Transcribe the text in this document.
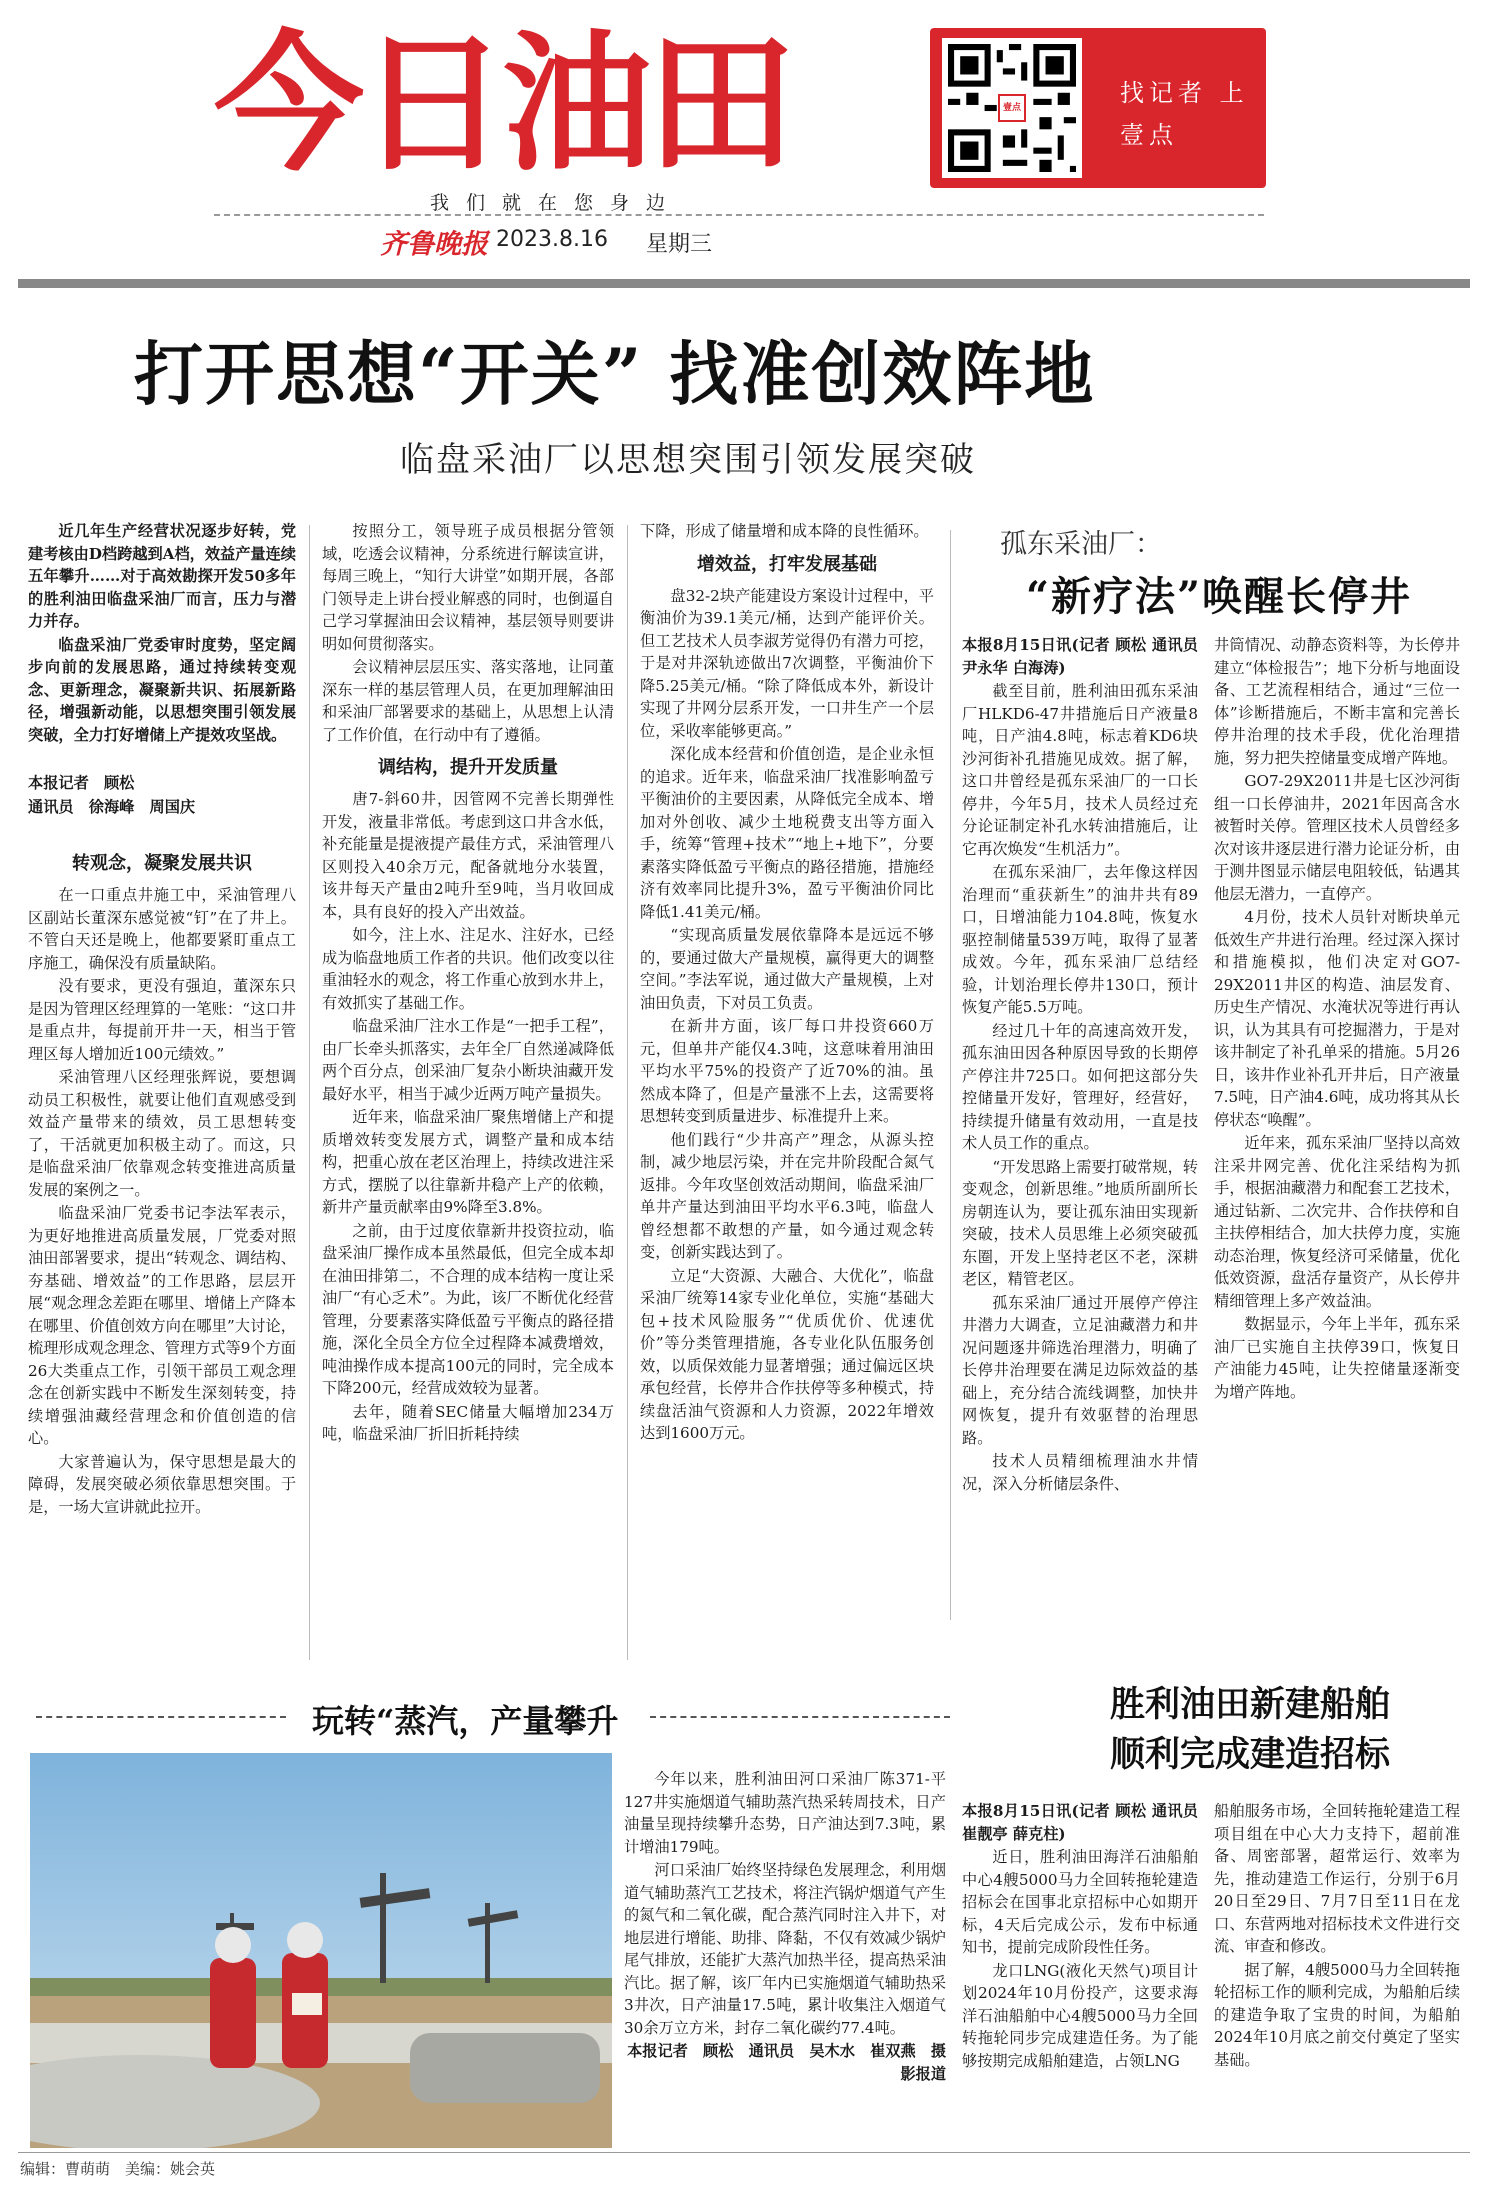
今日油田	壹点
找记者 上壹点
我们就在您身边
齐鲁晚报 2023.8.16 星期三
打开思想“开关” 找准创效阵地
临盘采油厂以思想突围引领发展突破

近几年生产经营状况逐步好转，党建考核由D档跨越到A档，效益产量连续五年攀升……对于高效勘探开发50多年的胜利油田临盘采油厂而言，压力与潜力并存。

临盘采油厂党委审时度势，坚定阔步向前的发展思路，通过持续转变观念、更新理念，凝聚新共识、拓展新路径，增强新动能，以思想突围引领发展突破，全力打好增储上产提效攻坚战。

本报记者　顾松

通讯员　徐海峰　周国庆

转观念，凝聚发展共识

在一口重点井施工中，采油管理八区副站长董深东感觉被“钉”在了井上。不管白天还是晚上，他都要紧盯重点工序施工，确保没有质量缺陷。

没有要求，更没有强迫，董深东只是因为管理区经理算的一笔账：“这口井是重点井，每提前开井一天，相当于管理区每人增加近100元绩效。”

采油管理八区经理张辉说，要想调动员工积极性，就要让他们直观感受到效益产量带来的绩效，员工思想转变了，干活就更加积极主动了。而这，只是临盘采油厂依靠观念转变推进高质量发展的案例之一。

临盘采油厂党委书记李法军表示，为更好地推进高质量发展，厂党委对照油田部署要求，提出“转观念、调结构、夯基础、增效益”的工作思路，层层开展“观念理念差距在哪里、增储上产降本在哪里、价值创效方向在哪里”大讨论，梳理形成观念理念、管理方式等9个方面26大类重点工作，引领干部员工观念理念在创新实践中不断发生深刻转变，持续增强油藏经营理念和价值创造的信心。

大家普遍认为，保守思想是最大的障碍，发展突破必须依靠思想突围。于是，一场大宣讲就此拉开。

按照分工，领导班子成员根据分管领域，吃透会议精神，分系统进行解读宣讲，每周三晚上，“知行大讲堂”如期开展，各部门领导走上讲台授业解惑的同时，也倒逼自己学习掌握油田会议精神，基层领导则要讲明如何贯彻落实。

会议精神层层压实、落实落地，让同董深东一样的基层管理人员，在更加理解油田和采油厂部署要求的基础上，从思想上认清了工作价值，在行动中有了遵循。

调结构，提升开发质量

唐7-斜60井，因管网不完善长期弹性开发，液量非常低。考虑到这口井含水低，补充能量是提液提产最佳方式，采油管理八区则投入40余万元，配备就地分水装置，该井每天产量由2吨升至9吨，当月收回成本，具有良好的投入产出效益。

如今，注上水、注足水、注好水，已经成为临盘地质工作者的共识。他们改变以往重油轻水的观念，将工作重心放到水井上，有效抓实了基础工作。

临盘采油厂注水工作是“一把手工程”，由厂长牵头抓落实，去年全厂自然递减降低两个百分点，创采油厂复杂小断块油藏开发最好水平，相当于减少近两万吨产量损失。

近年来，临盘采油厂聚焦增储上产和提质增效转变发展方式，调整产量和成本结构，把重心放在老区治理上，持续改进注采方式，摆脱了以往靠新井稳产上产的依赖，新井产量贡献率由9%降至3.8%。

之前，由于过度依靠新井投资拉动，临盘采油厂操作成本虽然最低，但完全成本却在油田排第二，不合理的成本结构一度让采油厂“有心乏术”。为此，该厂不断优化经营管理，分要素落实降低盈亏平衡点的路径措施，深化全员全方位全过程降本减费增效，吨油操作成本提高100元的同时，完全成本下降200元，经营成效较为显著。

去年，随着SEC储量大幅增加234万吨，临盘采油厂折旧折耗持续

下降，形成了储量增和成本降的良性循环。

增效益，打牢发展基础

盘32-2块产能建设方案设计过程中，平衡油价为39.1美元/桶，达到产能评价关。但工艺技术人员李淑芳觉得仍有潜力可挖，于是对井深轨迹做出7次调整，平衡油价下降5.25美元/桶。“除了降低成本外，新设计实现了井网分层系开发，一口井生产一个层位，采收率能够更高。”

深化成本经营和价值创造，是企业永恒的追求。近年来，临盘采油厂找准影响盈亏平衡油价的主要因素，从降低完全成本、增加对外创收、减少土地税费支出等方面入手，统筹“管理+技术”“地上+地下”，分要素落实降低盈亏平衡点的路径措施，措施经济有效率同比提升3%，盈亏平衡油价同比降低1.41美元/桶。

“实现高质量发展依靠降本是远远不够的，要通过做大产量规模，赢得更大的调整空间。”李法军说，通过做大产量规模，上对油田负责，下对员工负责。

在新井方面，该厂每口井投资660万元，但单井产能仅4.3吨，这意味着用油田平均水平75%的投资产了近70%的油。虽然成本降了，但是产量涨不上去，这需要将思想转变到质量进步、标准提升上来。

他们践行“少井高产”理念，从源头控制，减少地层污染，并在完井阶段配合氮气返排。今年攻坚创效活动期间，临盘采油厂单井产量达到油田平均水平6.3吨，临盘人曾经想都不敢想的产量，如今通过观念转变，创新实践达到了。

立足“大资源、大融合、大优化”，临盘采油厂统筹14家专业化单位，实施“基础大包+技术风险服务”“优质优价、优速优价”等分类管理措施，各专业化队伍服务创效，以质保效能力显著增强；通过偏远区块承包经营，长停井合作扶停等多种模式，持续盘活油气资源和人力资源，2022年增效达到1600万元。

孤东采油厂：
“新疗法”唤醒长停井

本报8月15日讯(记者 顾松 通讯员 尹永华 白海涛)

截至目前，胜利油田孤东采油厂HLKD6-47井措施后日产液量8吨，日产油4.8吨，标志着KD6块沙河街补孔措施见成效。据了解，这口井曾经是孤东采油厂的一口长停井，今年5月，技术人员经过充分论证制定补孔水转油措施后，让它再次焕发“生机活力”。

在孤东采油厂，去年像这样因治理而“重获新生”的油井共有89口，日增油能力104.8吨，恢复水驱控制储量539万吨，取得了显著成效。今年，孤东采油厂总结经验，计划治理长停井130口，预计恢复产能5.5万吨。

经过几十年的高速高效开发，孤东油田因各种原因导致的长期停产停注井725口。如何把这部分失控储量开发好，管理好，经营好，持续提升储量有效动用，一直是技术人员工作的重点。

“开发思路上需要打破常规，转变观念，创新思维。”地质所副所长房朝连认为，要让孤东油田实现新突破，技术人员思维上必须突破孤东圈，开发上坚持老区不老，深耕老区，精管老区。

孤东采油厂通过开展停产停注井潜力大调查，立足油藏潜力和井况问题逐井筛选治理潜力，明确了长停井治理要在满足边际效益的基础上，充分结合流线调整，加快井网恢复，提升有效驱替的治理思路。

技术人员精细梳理油水井情况，深入分析储层条件、

井筒情况、动静态资料等，为长停井建立“体检报告”；地下分析与地面设备、工艺流程相结合，通过“三位一体”诊断措施后，不断丰富和完善长停井治理的技术手段，优化治理措施，努力把失控储量变成增产阵地。

GO7-29X2011井是七区沙河街组一口长停油井，2021年因高含水被暂时关停。管理区技术人员曾经多次对该井逐层进行潜力论证分析，由于测井图显示储层电阻较低，钻遇其他层无潜力，一直停产。

4月份，技术人员针对断块单元低效生产井进行治理。经过深入探讨和措施模拟，他们决定对GO7-29X2011井区的构造、油层发育、历史生产情况、水淹状况等进行再认识，认为其具有可挖掘潜力，于是对该井制定了补孔单采的措施。5月26日，该井作业补孔开井后，日产液量7.5吨，日产油4.6吨，成功将其从长停状态“唤醒”。

近年来，孤东采油厂坚持以高效注采井网完善、优化注采结构为抓手，根据油藏潜力和配套工艺技术，通过钻新、二次完井、合作扶停和自主扶停相结合，加大扶停力度，实施动态治理，恢复经济可采储量，优化低效资源，盘活存量资产，从长停井精细管理上多产效益油。

数据显示，今年上半年，孤东采油厂已实施自主扶停39口，恢复日产油能力45吨，让失控储量逐渐变为增产阵地。

玩转“蒸汽，产量攀升

今年以来，胜利油田河口采油厂陈371-平127井实施烟道气辅助蒸汽热采转周技术，日产油量呈现持续攀升态势，日产油达到7.3吨，累计增油179吨。

河口采油厂始终坚持绿色发展理念，利用烟道气辅助蒸汽工艺技术，将注汽锅炉烟道气产生的氮气和二氧化碳，配合蒸汽同时注入井下，对地层进行增能、助排、降黏，不仅有效减少锅炉尾气排放，还能扩大蒸汽加热半径，提高热采油汽比。据了解，该厂年内已实施烟道气辅助热采3井次，日产油量17.5吨，累计收集注入烟道气30余万立方米，封存二氧化碳约77.4吨。

本报记者　顾松　通讯员　吴木水　崔双燕　摄影报道

胜利油田新建船舶
顺利完成建造招标

本报8月15日讯(记者 顾松 通讯员 崔靓亭 薛克柱)

近日，胜利油田海洋石油船舶中心4艘5000马力全回转拖轮建造招标会在国事北京招标中心如期开标，4天后完成公示，发布中标通知书，提前完成阶段性任务。

龙口LNG(液化天然气)项目计划2024年10月份投产，这要求海洋石油船舶中心4艘5000马力全回转拖轮同步完成建造任务。为了能够按期完成船舶建造，占领LNG

船舶服务市场，全回转拖轮建造工程项目组在中心大力支持下，超前准备、周密部署，超常运行、效率为先，推动建造工作运行，分别于6月20日至29日、7月7日至11日在龙口、东营两地对招标技术文件进行交流、审查和修改。

据了解，4艘5000马力全回转拖轮招标工作的顺利完成，为船舶后续的建造争取了宝贵的时间，为船舶2024年10月底之前交付奠定了坚实基础。

编辑：曹萌萌　美编：姚会英
